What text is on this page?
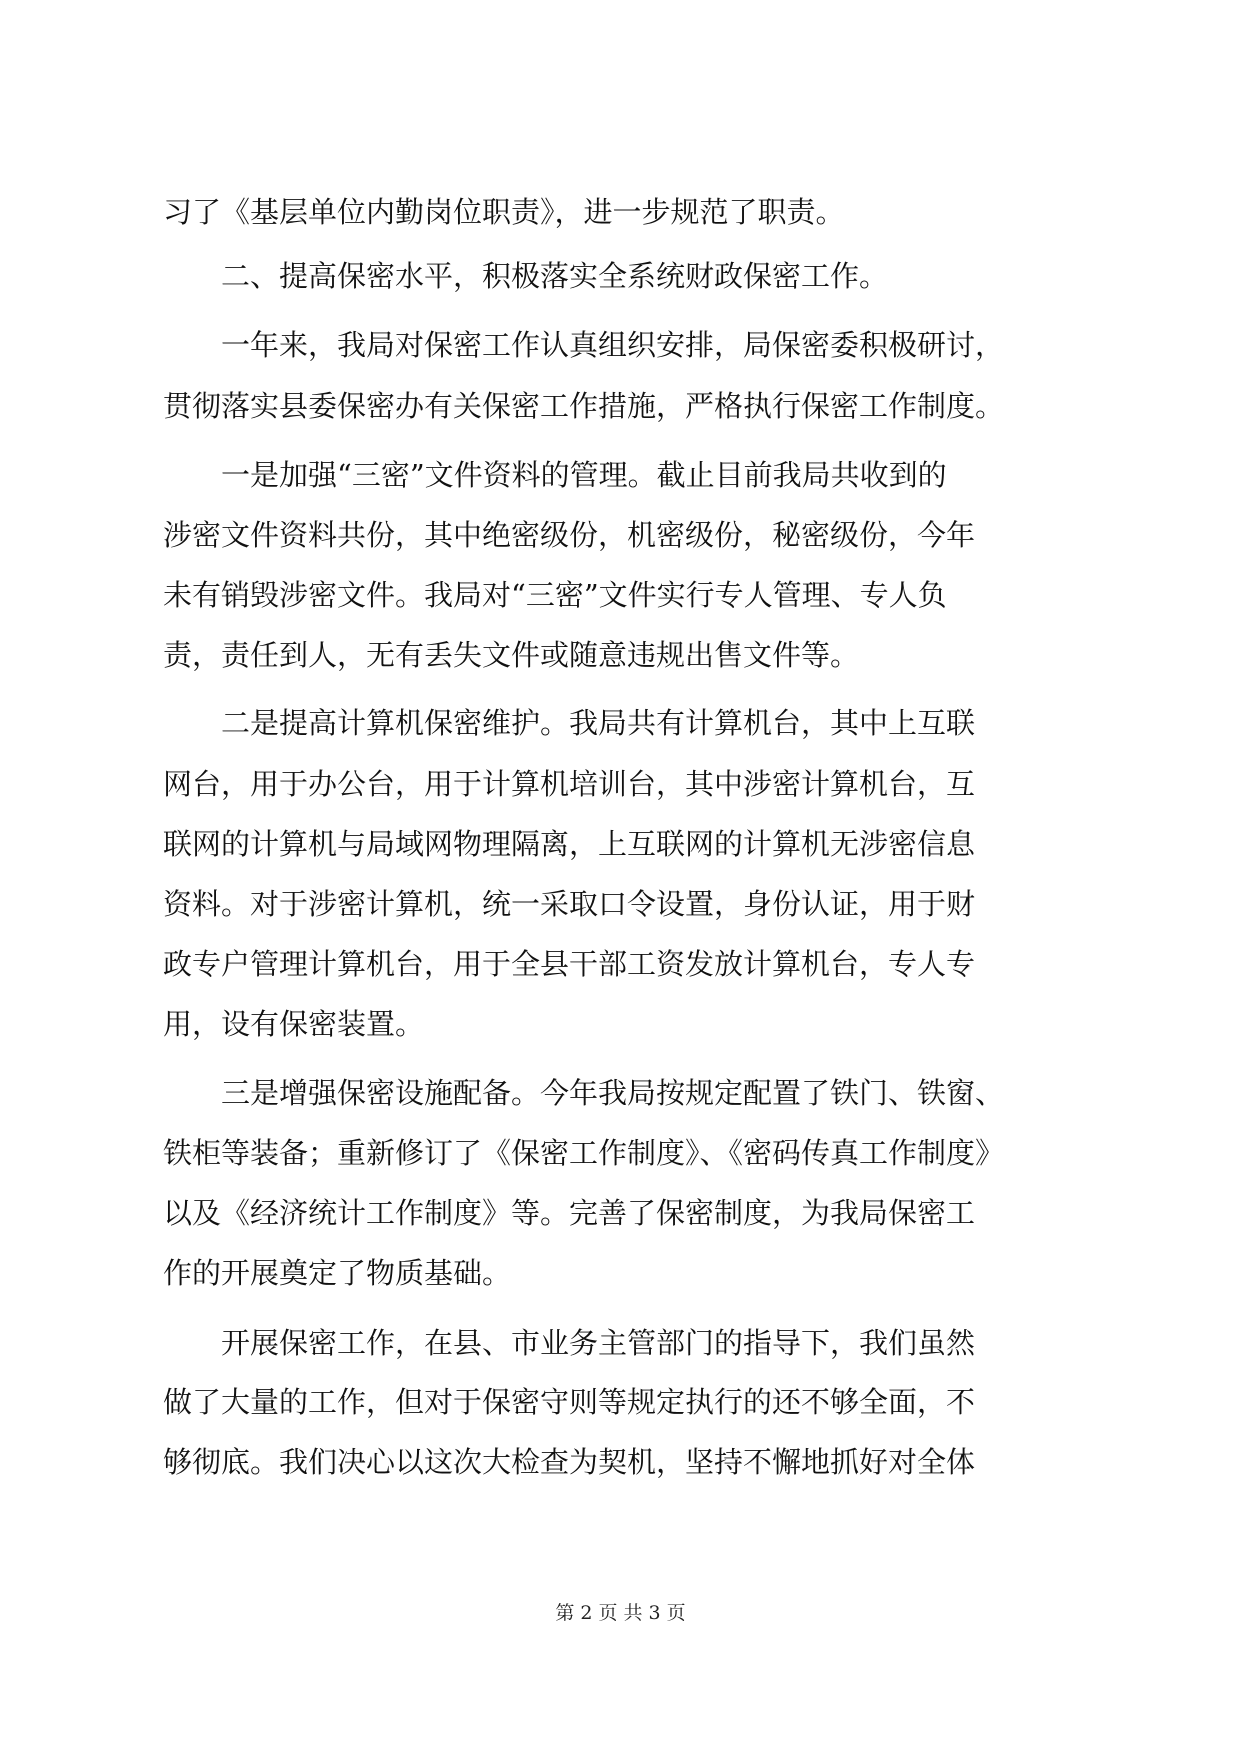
习了《基层单位内勤岗位职责》，进一步规范了职责。
二、提高保密水平，积极落实全系统财政保密工作。
一年来，我局对保密工作认真组织安排，局保密委积极研讨，
贯彻落实县委保密办有关保密工作措施，严格执行保密工作制度。
一是加强“三密”文件资料的管理。截止目前我局共收到的
涉密文件资料共份，其中绝密级份，机密级份，秘密级份，今年
未有销毁涉密文件。我局对“三密”文件实行专人管理、专人负
责，责任到人，无有丢失文件或随意违规出售文件等。
二是提高计算机保密维护。我局共有计算机台，其中上互联
网台，用于办公台，用于计算机培训台，其中涉密计算机台，互
联网的计算机与局域网物理隔离，上互联网的计算机无涉密信息
资料。对于涉密计算机，统一采取口令设置，身份认证，用于财
政专户管理计算机台，用于全县干部工资发放计算机台，专人专
用，设有保密装置。
三是增强保密设施配备。今年我局按规定配置了铁门、铁窗、
铁柜等装备；重新修订了《保密工作制度》、《密码传真工作制度》
以及《经济统计工作制度》等。完善了保密制度，为我局保密工
作的开展奠定了物质基础。
开展保密工作，在县、市业务主管部门的指导下，我们虽然
做了大量的工作，但对于保密守则等规定执行的还不够全面，不
够彻底。我们决心以这次大检查为契机，坚持不懈地抓好对全体
第 2 页 共 3 页
